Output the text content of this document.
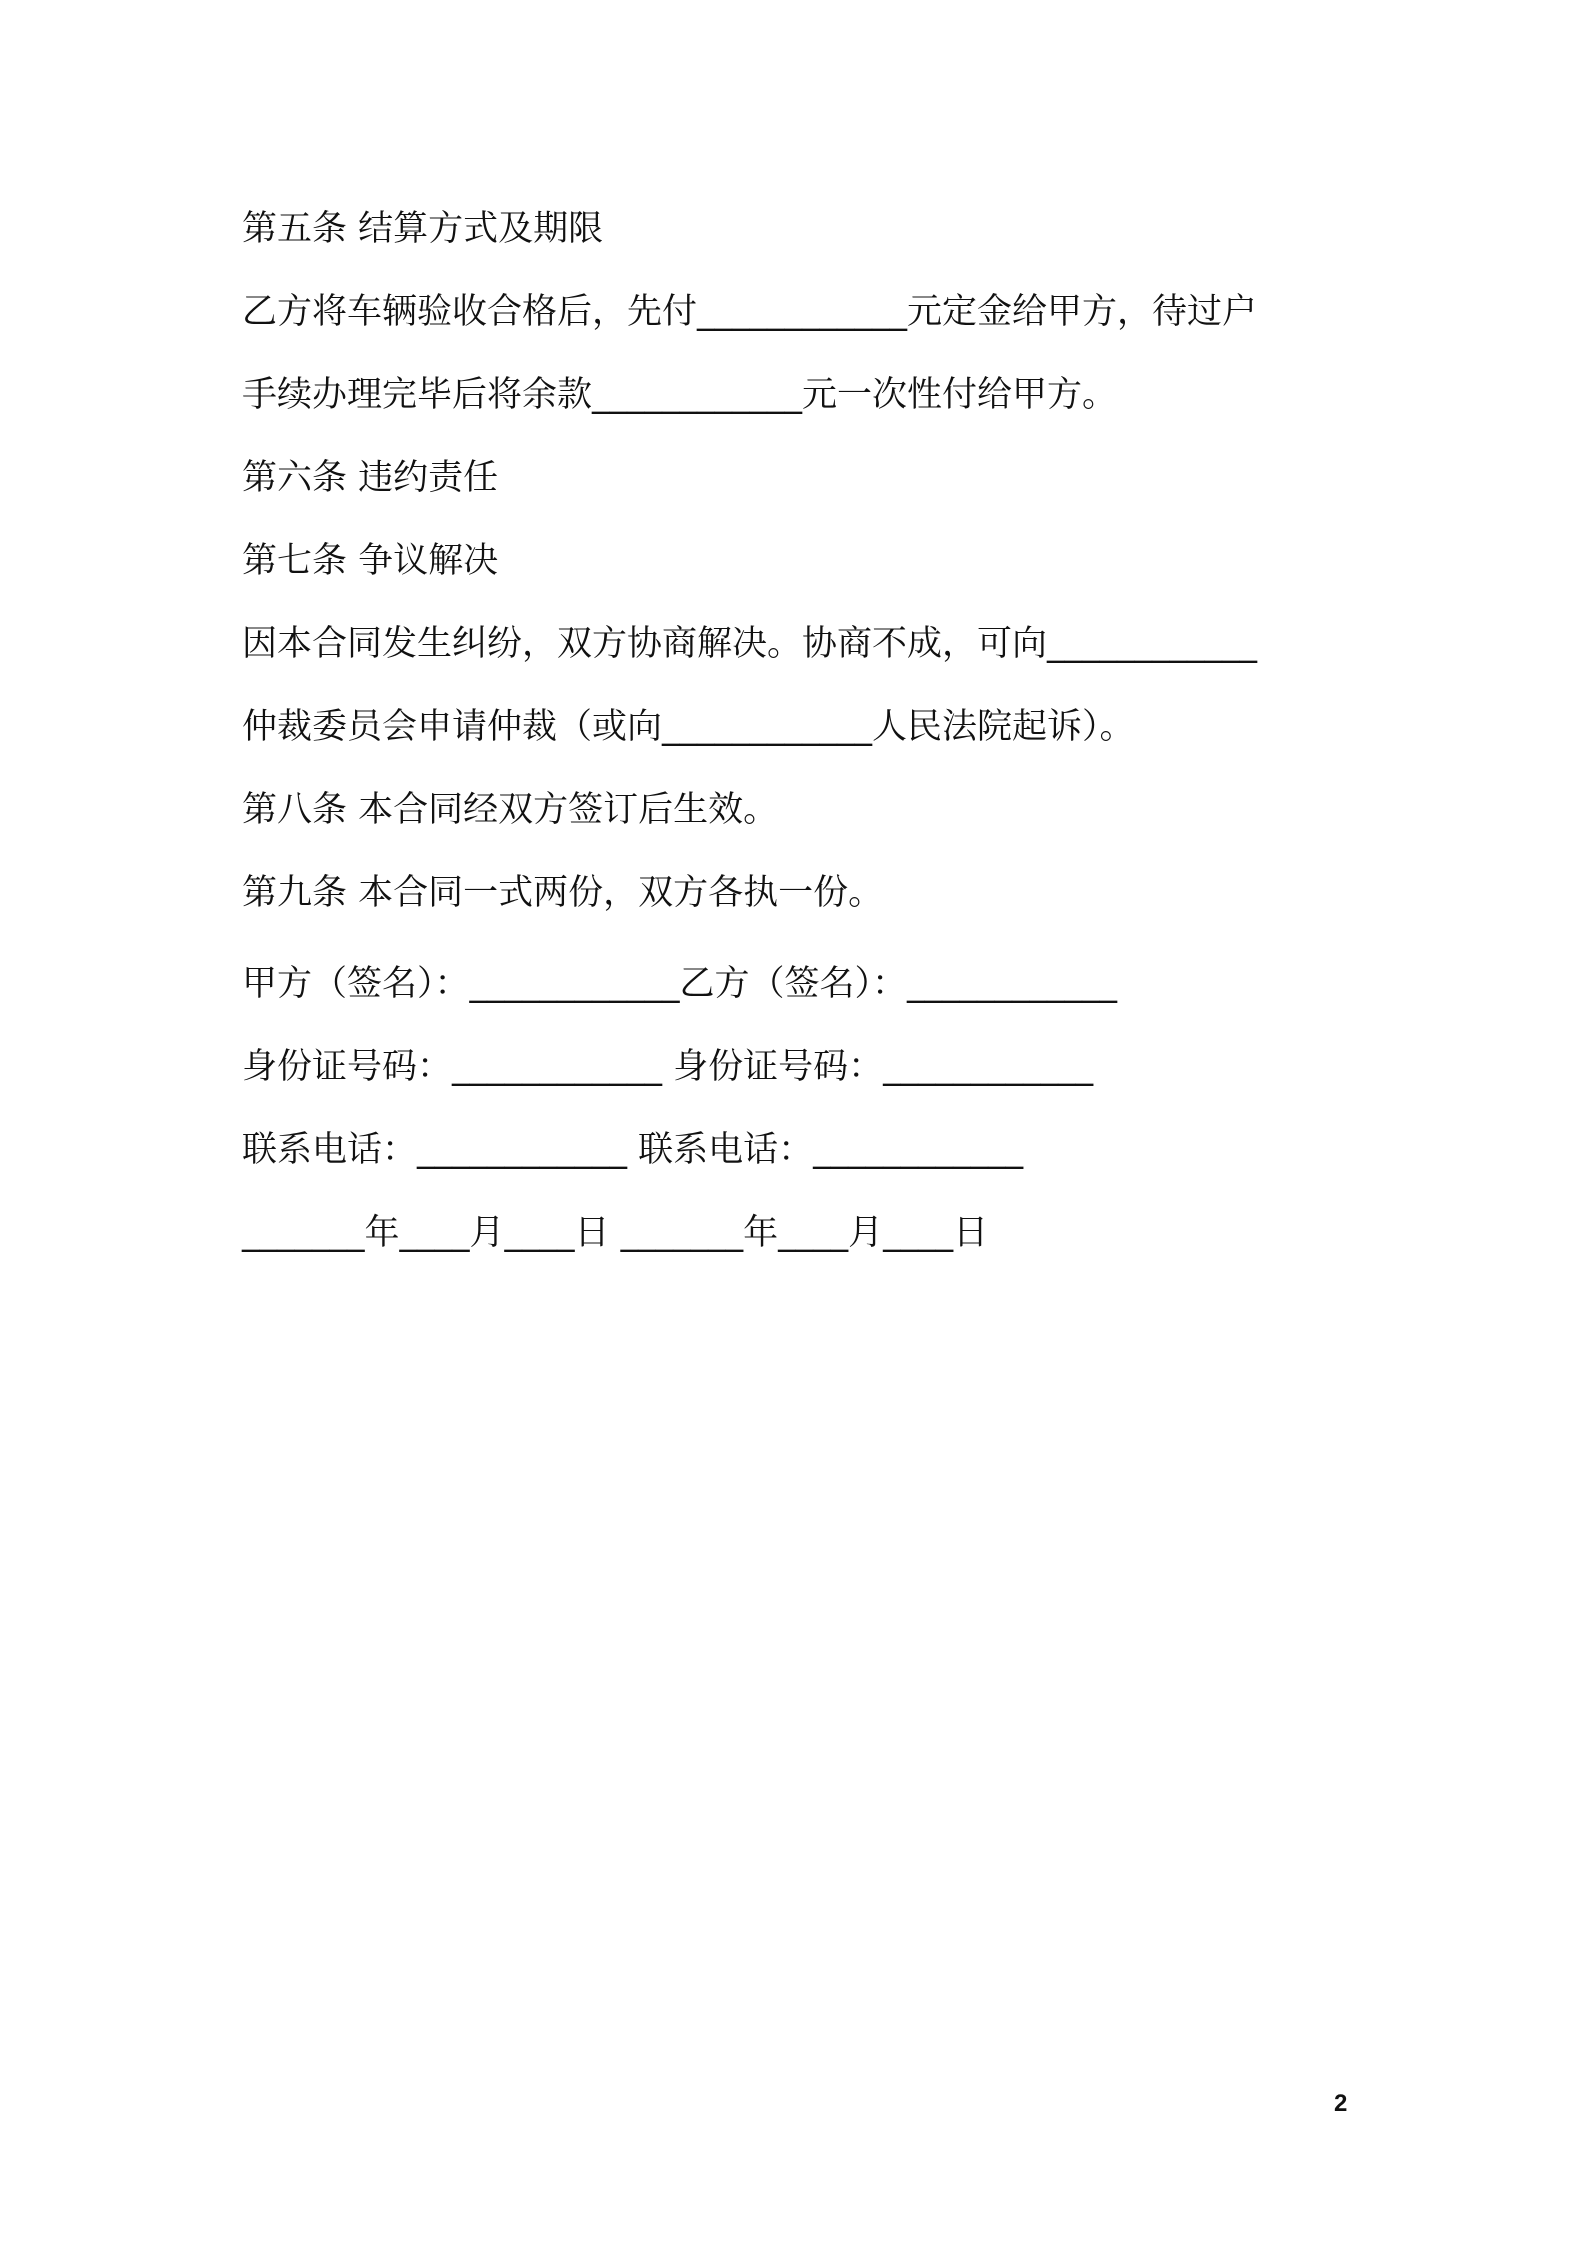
第五条 结算方式及期限
乙方将车辆验收合格后，先付____________元定金给甲方，待过户
手续办理完毕后将余款____________元一次性付给甲方。
第六条 违约责任
第七条 争议解决
因本合同发生纠纷，双方协商解决。协商不成，可向____________
仲裁委员会申请仲裁（或向____________人民法院起诉）。
第八条 本合同经双方签订后生效。
第九条 本合同一式两份，双方各执一份。
甲方（签名）：____________乙方（签名）：____________
身份证号码：____________ 身份证号码：____________
联系电话：____________ 联系电话：____________
_______年____月____日 _______年____月____日
2
